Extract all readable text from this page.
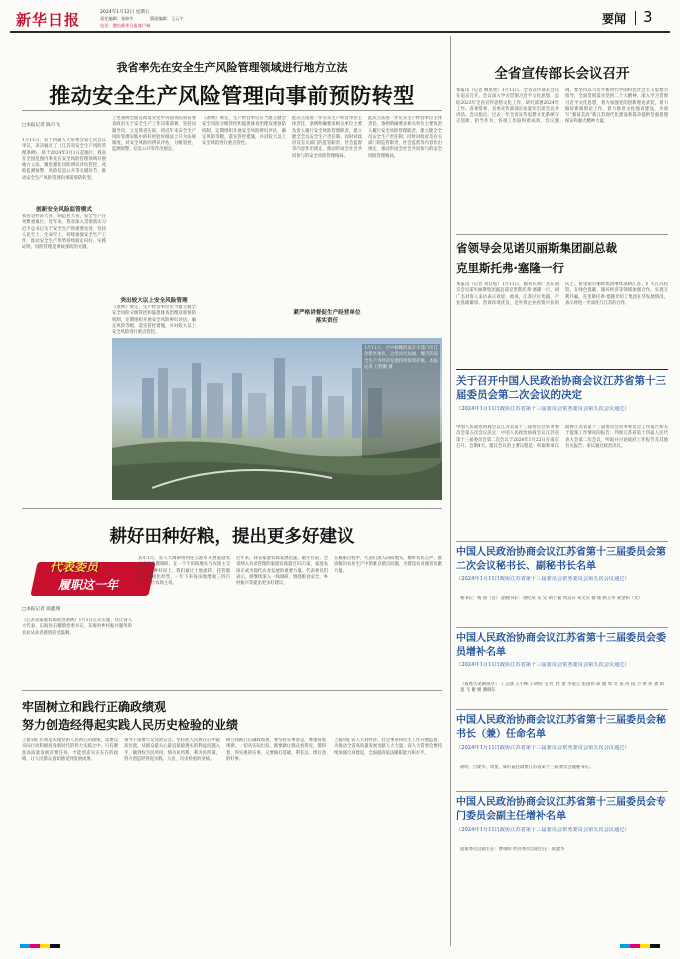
新华日报	2024年1月12日 星期五
责任编辑：张如牛	版面编辑：王云午
电话：微信新华日报客户端	要闻 3
我省率先在安全生产风险管理领域进行地方立法
推动安全生产风险管理向事前预防转型
□本报记者 陈月飞
1月11日，省十四届人大常委会第七次会议审议，表决通过了《江苏省安全生产风险管理条例》，将于2024年3月1日起施行。我省在全国范围内率先在安全风险管理领域开展地方立法，聚焦强化风险辨识评估管控、风险监测预警、风险信息公开等关键环节，推动安全生产风险管理向事前预防转型。
创新安全风险监管模式
我省是经济大省、制造业大省，安全生产任务繁重艰巨。近年来，我省深入贯彻落实习近平总书记关于安全生产的重要论述，坚持人民至上、生命至上，持续加强安全生产工作，推动安全生产形势持续稳定向好。实践证明，风险管理是事故预防的关键。
上述条例全面贯彻落实党中央国务院和省委省政府关于安全生产工作决策部署，坚持问题导向，立足我省实际，将近年来安全生产风险管理实践中的好经验好做法上升为法规制度，对安全风险的辨识评估、分级管控、监测预警、信息公开等作出规定。
突出较大以上安全风险管理
《条例》规定，生产经营单位应当建立健全安全风险分级管控和隐患排查治理双重预防机制，定期组织开展安全风险辨识评估，确定风险等级，落实管控措施，并对较大以上安全风险进行重点管控。
《条例》规定，生产经营单位应当建立健全安全风险分级管控和隐患排查治理双重预防机制，定期组织开展安全风险辨识评估，确定风险等级，落实管控措施，并对较大以上安全风险进行重点管控。
此次立法进一步压实生产经营单位主体责任，条例明确要求相关单位主要负责人履行安全风险管理职责，建立健全全员安全生产责任制。同时对政府及有关部门的监管职责、社会监督等内容作出规定，推动形成全社会共同参与的安全风险管理格局。
紧严格讲督促生产经营单位落实责任
此次立法进一步压实生产经营单位主体责任，条例明确要求相关单位主要负责人履行安全风险管理职责，建立健全全员安全生产责任制。同时对政府及有关部门的监管职责、社会监督等内容作出规定，推动形成全社会共同参与的安全风险管理格局。
1月11日，空中俯瞰的南京市浦口区江北新区地块，这里风光如画，城市的安全生产为经济发展持续保驾护航。本报记者 万程鹏 摄
全省宣传部长会议召开
本报讯（记者 顾星欣）1月11日，全省宣传部长会议在南京召开。会议深入学习贯彻习近平文化思想，总结2023年全省宣传思想文化工作，研究部署2024年工作。省委常委、省委宣传部部长张爱军出席会议并讲话。会议指出，过去一年全省宣传思想文化系统守正创新、担当作为，各项工作取得新成效。会议强调，要坚持以习近平新时代中国特色社会主义思想为指导，全面贯彻落实党的二十大精神，深入学习贯彻习近平文化思想，着力加强党的创新理论武装，着力做好新闻舆论工作，着力推进文化强省建设，为谱写“强富美高”新江苏现代化建设新篇章提供坚强思想保证和强大精神力量。
省领导会见诺贝丽斯集团副总裁
克里斯托弗·塞隆一行
本报讯（记者 蒋廷松）1月11日，副省长胡广杰在南京会见诺贝丽斯集团副总裁克里斯托弗·塞隆一行。胡广杰对客人来访表示欢迎，他说，江苏区位优越、产业基础雄厚、营商环境优良，是外资企业投资兴业的沃土。希望诺贝丽斯集团继续深耕江苏、扩大在苏投资，在绿色低碳、循环经济等领域加强合作，实现互利共赢。克里斯托弗·塞隆介绍了集团在华发展情况，表示将进一步深化与江苏的合作。
关于召开中国人民政治协商会议江苏省第十三届委员会第二次会议的决定
（2024年1月11日政协江苏省第十三届委员会常务委员会第五次会议通过）
中国人民政治协商会议江苏省第十三届委员会常务委员会第五次会议决定：中国人民政治协商会议江苏省第十三届委员会第二次会议于2024年1月22日在南京召开。会期4天。建议会议的主要议程是：听取和审议政协江苏省第十三届委员会常务委员会工作报告和关于提案工作情况的报告；列席江苏省第十四届人民代表大会第二次会议，听取并讨论政府工作报告及其他有关报告；审议通过政治决议。
中国人民政治协商会议江苏省第十三届委员会第二次会议秘书长、副秘书长名单
（2024年1月11日政协江苏省第十三届委员会常务委员会第五次会议通过）
秘书长：杨 国（女） 副秘书长：诸纪泉 吴 昊 胡于嘉 周美芬 朱文庆 郁 瑾 顾玉华 聂金柏（女）
中国人民政治协商会议江苏省第十三届委员会委员增补名单
（2024年1月11日政协江苏省第十三届委员会常务委员会第五次会议通过）
（按姓氏笔画排序） 丁志强 王小峰 王明明 毛 红 杜 蕾 李凌云 张国伟 陈 晓 周 文 姜 涛 钱 力 黄 伟 龚 新 童 飞 谢 刚 潘晓东
中国人民政治协商会议江苏省第十三届委员会秘书长（兼）任命名单
（2024年1月11日政协江苏省第十三届委员会常务委员会第五次会议通过）
胡明、吕建华、周星、陈红霞任政协江苏省第十三届委员会副秘书长。
中国人民政治协商会议江苏省第十三届委员会专门委员会副主任增补名单
（2024年1月11日政协江苏省第十三届委员会常务委员会第五次会议通过）
提案委员会副主任：曹诚明 经济委员会副主任：张建华
耕好田种好粮，提出更多好建议
代表委员
履职这一年
□本报记者 徐鑫翔
《江苏省家庭农场促进条例》1月1日正式实施，这让省人大代表、东海县石榴镇党委书记、东海县乡村振兴服务的农业从业者感到倍受鼓舞。
去年1月，省人大调研组到连云港市开展家庭农场发展专题调研，在一个个田间地头与农场主交流。“在种好田上，我们通过土地流转、托管服务，规模化经营，一年下来每亩地增收三四百元。”一位农场主说。
近年来，我省家庭农场发展迅速。截至目前，全省纳入名录管理的家庭农场超过15万家，家庭农场正成为现代农业发展的重要力量。代表委员们表示，将继续深入一线调研，围绕粮食安全、乡村振兴等提出更多好建议。
在履职过程中，代表们深入田间地头，倾听农民心声，推动解决农业生产中的难点堵点问题，为建设农业强省贡献力量。
牢固树立和践行正确政绩观
努力创造经得起实践人民历史检验的业绩
上接1版 必须是实现党的人民初心的政绩，需要以实际行动积极投身新时代的伟大实践之中。只有聚焦高质量发展首要任务，才能创造实实在在的政绩，让人民群众真切感受到发展成果。
领导干部要牢记党的宗旨，坚持把人民放在心中最高位置，从群众最关心最直接最现实的利益问题入手，做到权为民所用、情为民所系、利为民所谋，努力创造经得起实践、人民、历史检验的业绩。
树立和践行正确政绩观，要坚持实事求是，尊重客观规律，一切从实际出发，既要做让群众看得见、摸得着、得实惠的实事，又要做打基础、利长远、增后劲的好事。
上接1版 省人大对经济、社会事业和民生工作开展监督，为推动全省高质量发展贡献人大力量。省人大常委会要持续加强自身建设，全面提高依法履职能力和水平。
